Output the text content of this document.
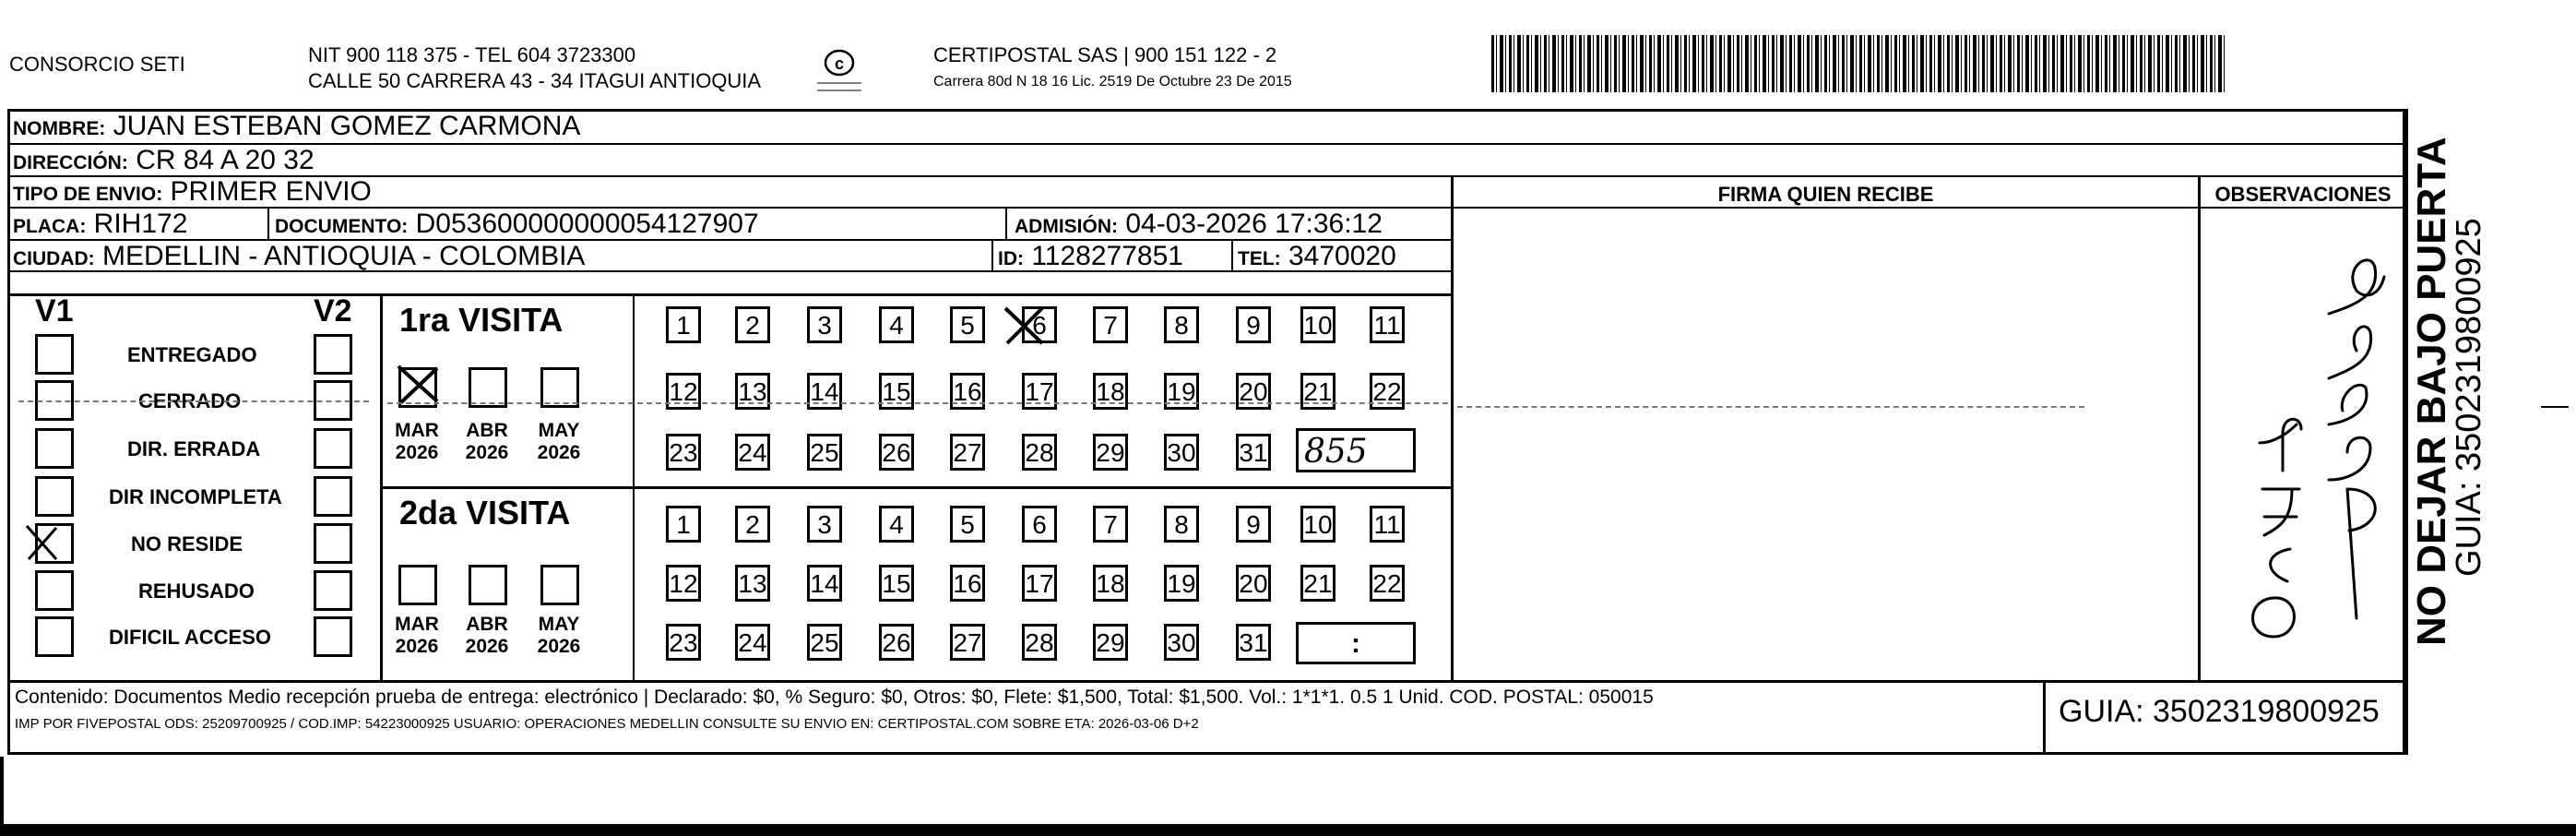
CONSORCIO SETI	NIT 900 118 375 - TEL 604 3723300
CALLE 50 CARRERA 43 - 34 ITAGUI ANTIOQUIA
c	CERTIPOSTAL SAS | 900 151 122 - 2
Carrera 80d N 18 16 Lic. 2519 De Octubre 23 De 2015
NOMBRE: JUAN ESTEBAN GOMEZ CARMONA
DIRECCIÓN: CR 84 A 20 32
TIPO DE ENVIO: PRIMER ENVIO
PLACA: RIH172	DOCUMENTO: D053600000000054127907	ADMISIÓN: 04-03-2026 17:36:12
CIUDAD: MEDELLIN - ANTIOQUIA - COLOMBIA	ID: 1128277851	TEL: 3470020
FIRMA QUIEN RECIBE	OBSERVACIONES
V1	V2
ENTREGADO
CERRADO
DIR. ERRADA
DIR INCOMPLETA
NO RESIDE
REHUSADO
DIFICIL ACCESO
1ra VISITA
2da VISITA
MAR
2026
ABR
2026
MAY
2026
MAR
2026
ABR
2026
MAY
2026
1	2	3	4	5	6	7	8	9	10 11
12 13 14 15 16 17 18 19 20 21 22
23 24 25 26 27 28 29 30 31
1	2	3	4	5	6	7	8	9	10 11
12 13 14 15 16 17 18 19 20 21 22
23 24 25 26 27 28 29 30 31
855
:	NO DEJAR BAJO PUERTA
GUIA: 3502319800925
Contenido: Documentos Medio recepción prueba de entrega: electrónico | Declarado: $0, % Seguro: $0, Otros: $0, Flete: $1,500, Total: $1,500. Vol.: 1*1*1. 0.5 1 Unid. COD. POSTAL: 050015
IMP POR FIVEPOSTAL ODS: 25209700925 / COD.IMP: 54223000925 USUARIO: OPERACIONES MEDELLIN CONSULTE SU ENVIO EN: CERTIPOSTAL.COM SOBRE ETA: 2026-03-06 D+2	GUIA: 3502319800925
